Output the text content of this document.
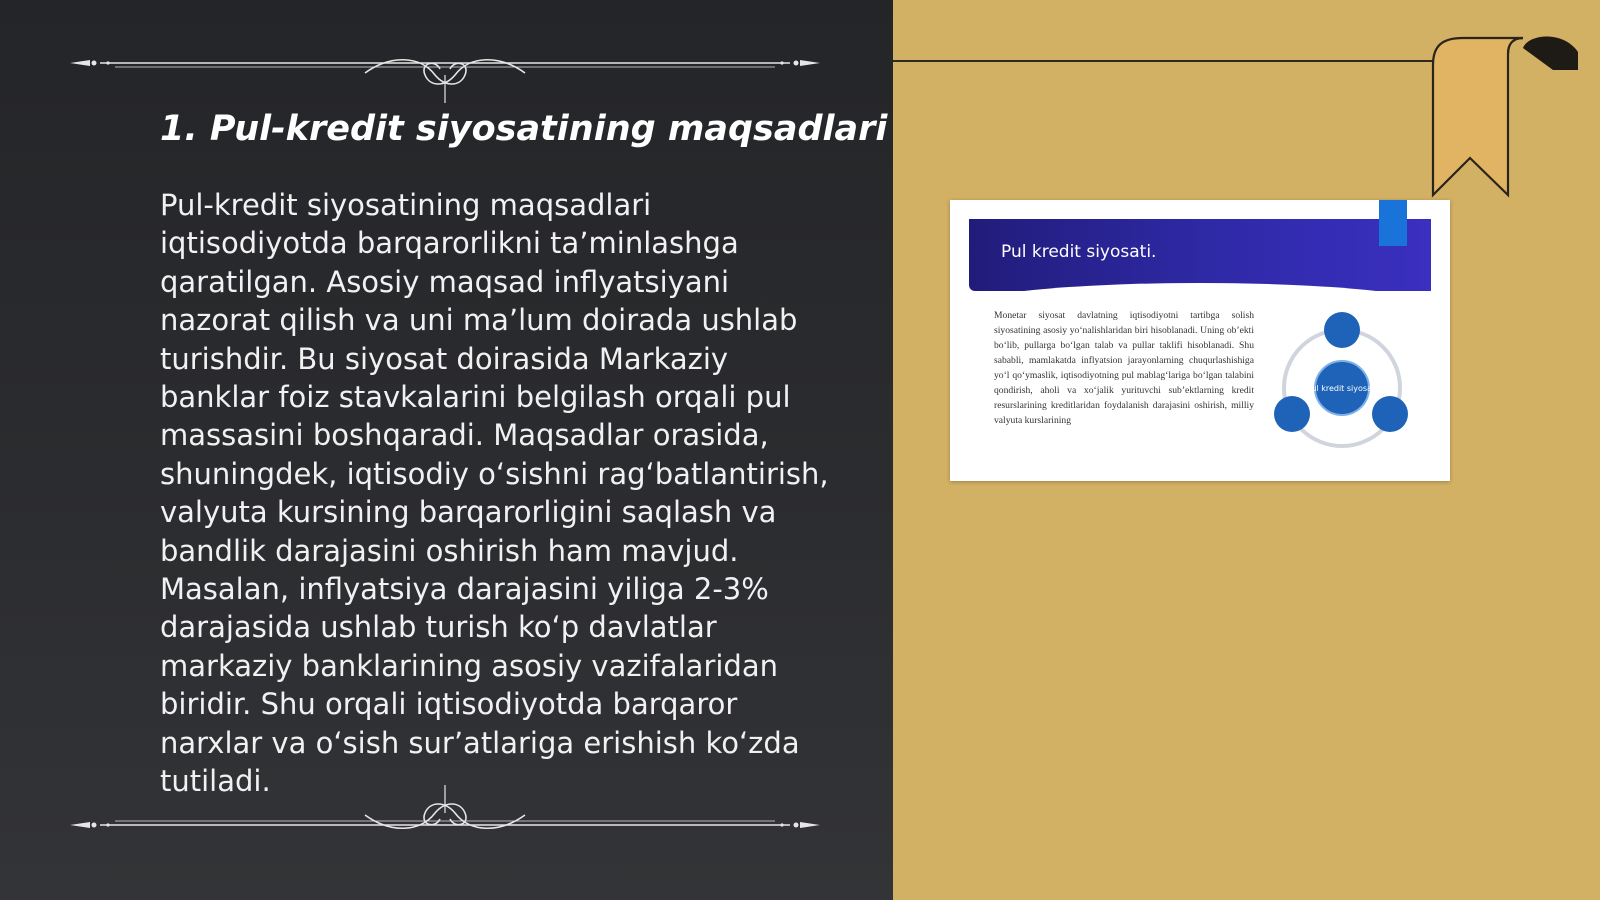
1. Pul-kredit siyosatining maqsadlari

Pul-kredit siyosatining maqsadlari iqtisodiyotda barqarorlikni ta’minlashga qaratilgan. Asosiy maqsad inflyatsiyani nazorat qilish va uni ma’lum doirada ushlab turishdir. Bu siyosat doirasida Markaziy banklar foiz stavkalarini belgilash orqali pul massasini boshqaradi. Maqsadlar orasida, shuningdek, iqtisodiy o‘sishni rag‘batlantirish, valyuta kursining barqarorligini saqlash va bandlik darajasini oshirish ham mavjud. Masalan, inflyatsiya darajasini yiliga 2-3% darajasida ushlab turish ko‘p davlatlar markaziy banklarining asosiy vazifalaridan biridir. Shu orqali iqtisodiyotda barqaror narxlar va o‘sish sur’atlariga erishish ko‘zda tutiladi.

Pul kredit siyosati.

Monetar siyosat davlatning iqtisodiyotni tartibga solish siyosatining asosiy yo‘nalishlaridan biri hisoblanadi. Uning ob’ekti bo‘lib, pullarga bo‘lgan talab va pullar taklifi hisoblanadi. Shu sababli, mamlakatda inflyatsion jarayonlarning chuqurlashishiga yo‘l qo‘ymaslik, iqtisodiyotning pul mablag‘lariga bo‘lgan talabini qondirish, aholi va xo‘jalik yurituvchi sub’ektlarning kredit resurslarining kreditlaridan foydalanish darajasini oshirish, milliy valyuta kurslarining

Pul kredit siyosati
